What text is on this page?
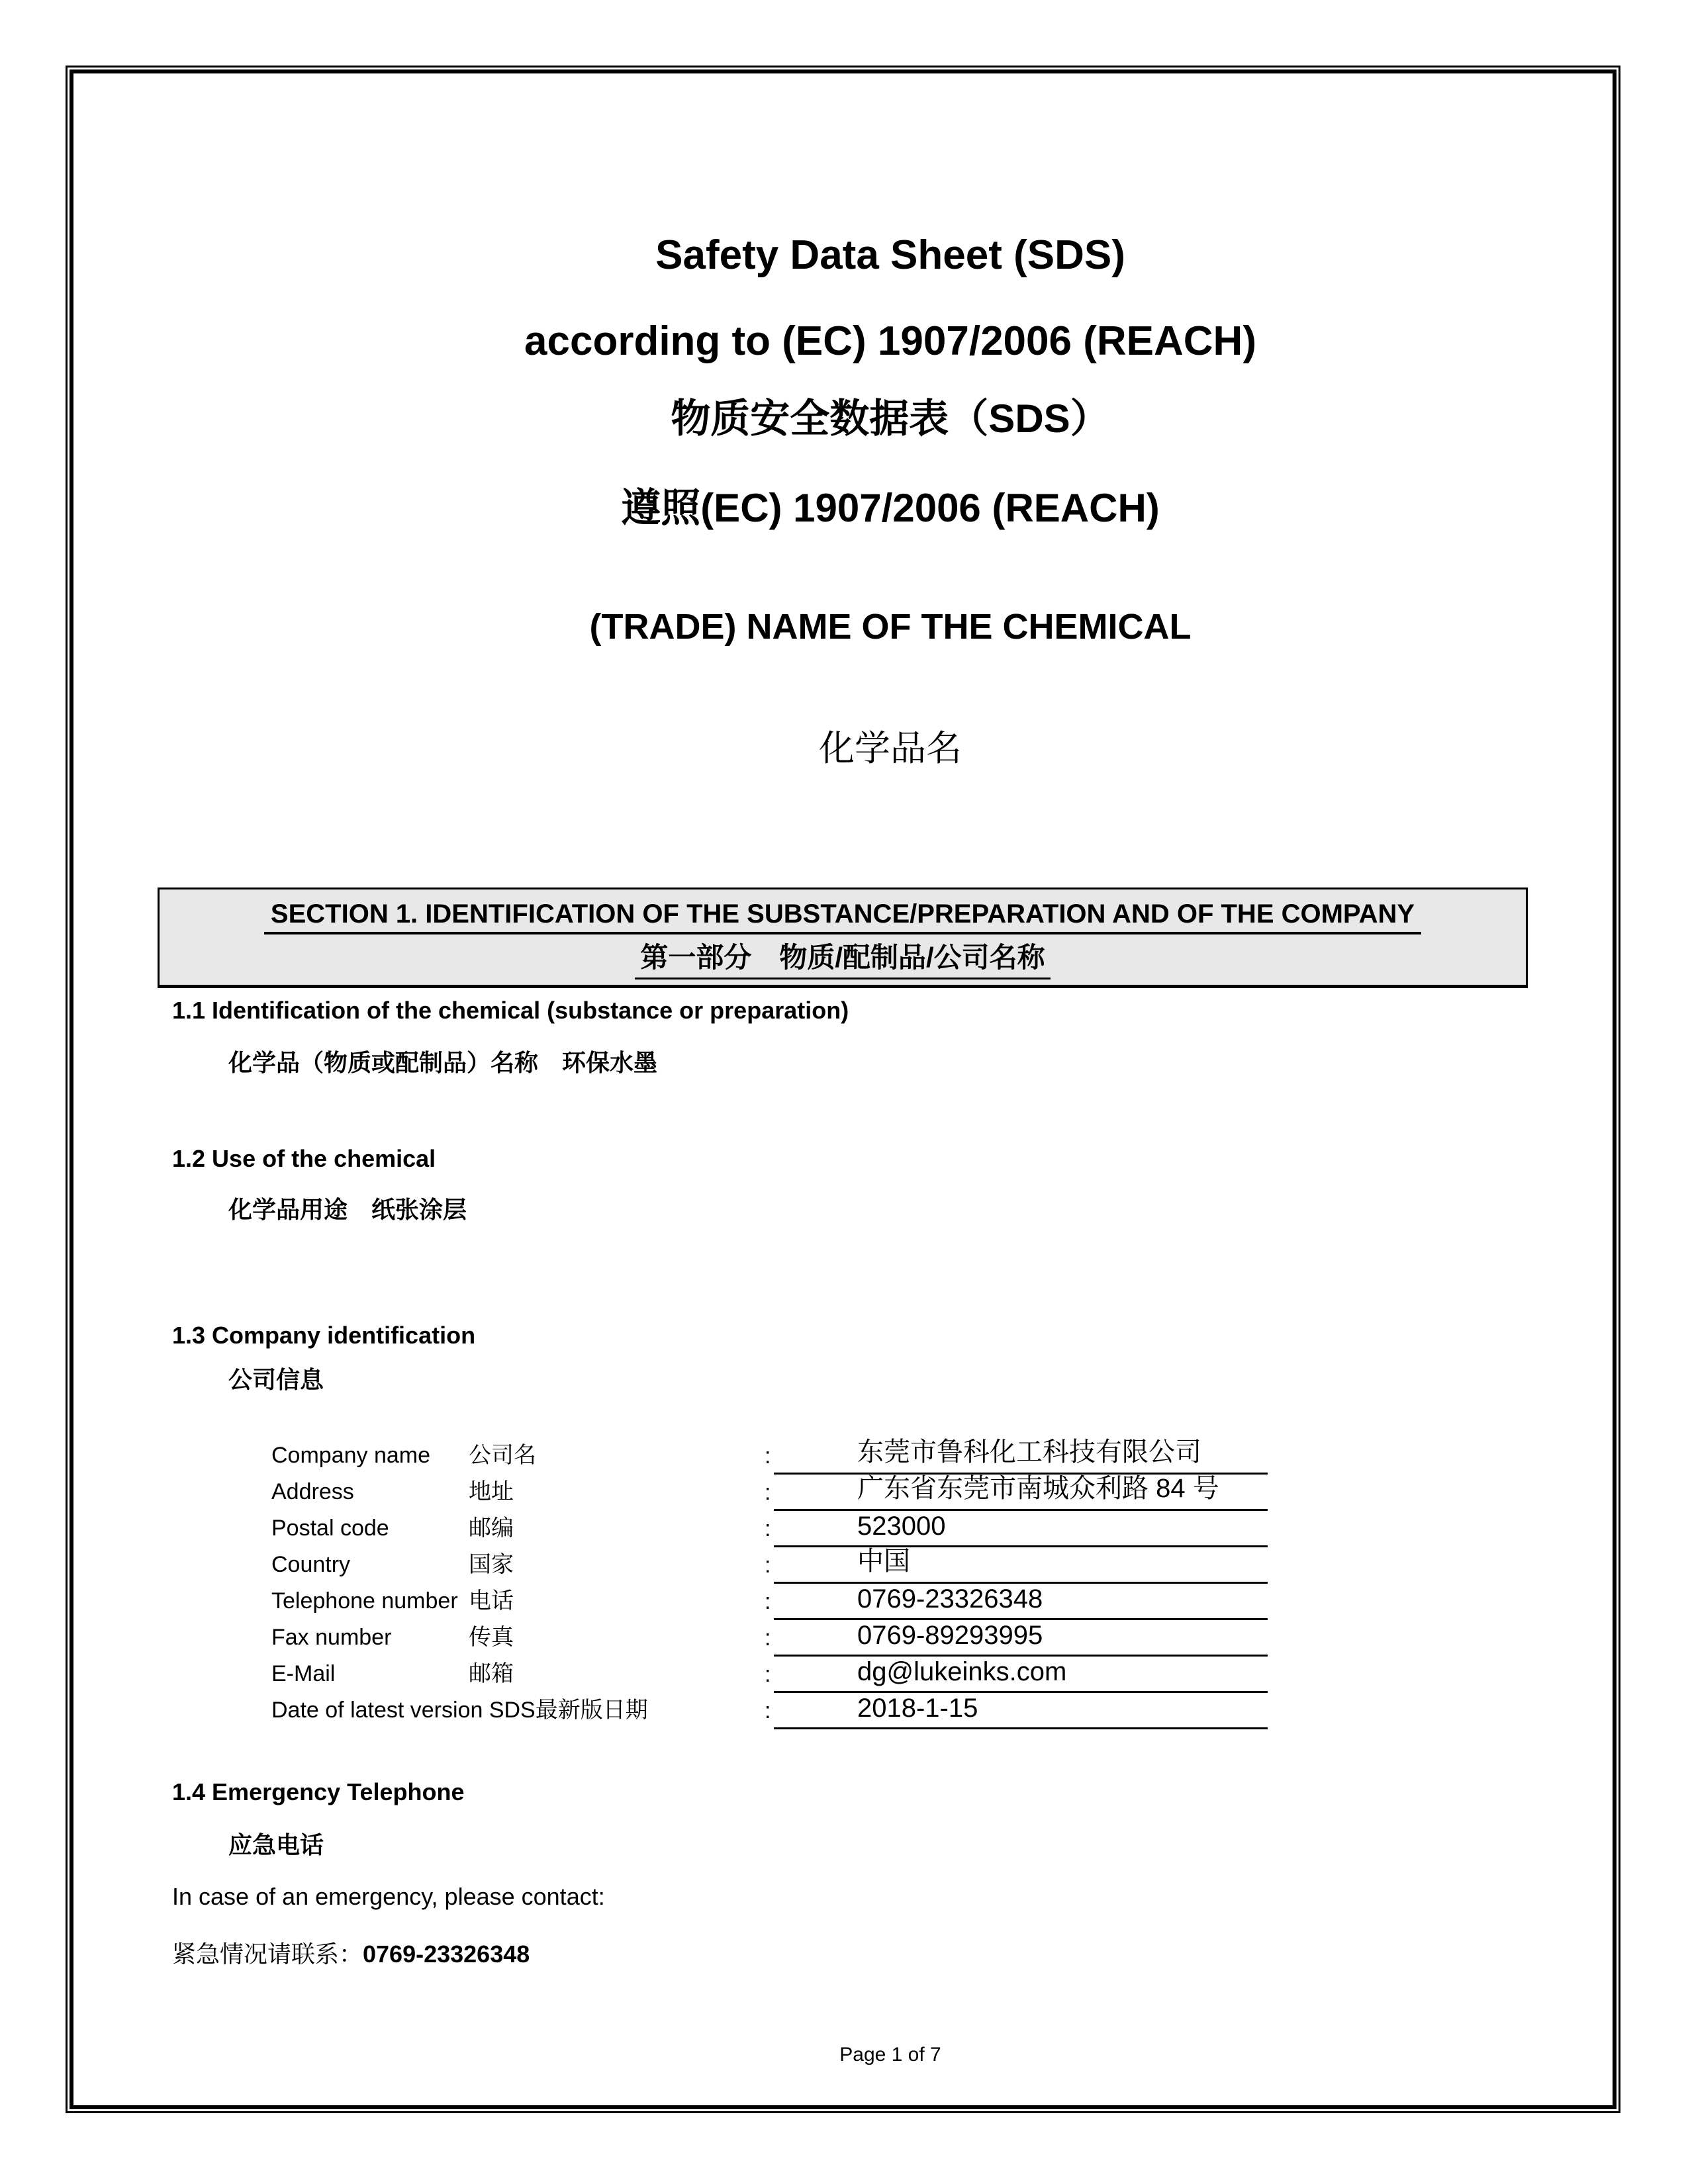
Safety Data Sheet (SDS)
according to (EC) 1907/2006 (REACH)
物质安全数据表（SDS）
遵照(EC) 1907/2006 (REACH)
(TRADE) NAME OF THE CHEMICAL
化学品名
SECTION 1. IDENTIFICATION OF THE SUBSTANCE/PREPARATION AND OF THE COMPANY
第一部分　物质/配制品/公司名称
1.1 Identification of the chemical (substance or preparation)
化学品（物质或配制品）名称　环保水墨
1.2 Use of the chemical
化学品用途　纸张涂层
1.3 Company identification
公司信息
Company name 公司名	:	东莞市鲁科化工科技有限公司
Address	地址	:	广东省东莞市南城众利路 84 号
Postal code	邮编	:	523000
Country	国家	:	中国
Telephone number 电话	:	0769-23326348
Fax number	传真	:	0769-89293995
E-Mail	邮箱	:	dg@lukeinks.com
Date of latest version SDS最新版日期	:	2018-1-15
1.4 Emergency Telephone
应急电话
In case of an emergency, please contact:
紧急情况请联系：0769-23326348
Page 1 of 7
